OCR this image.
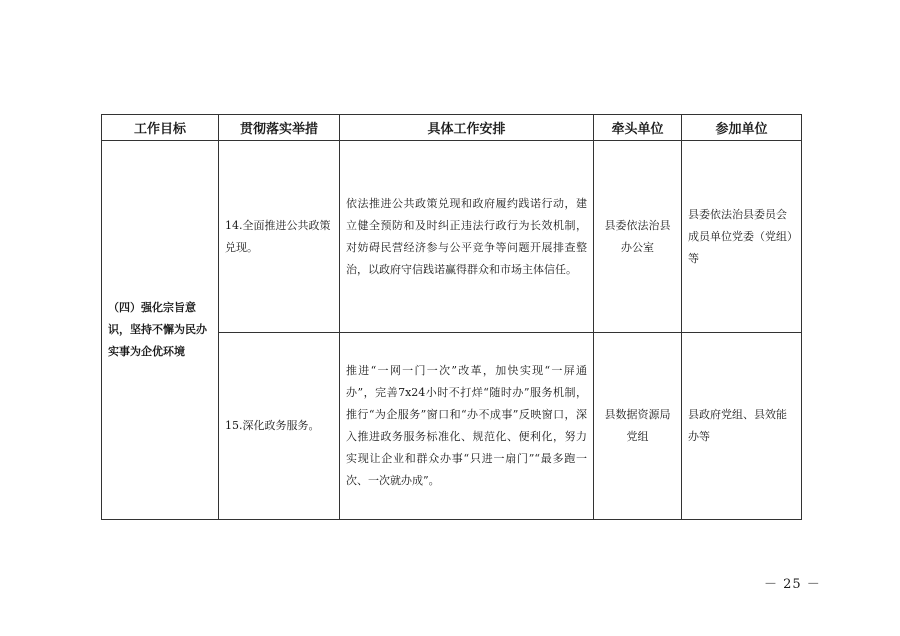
工作目标	贯彻落实举措	具体工作安排	牵头单位	参加单位
（四）强化宗旨意识，坚持不懈为民办实事为企优环境	14.全面推进公共政策兑现。	依法推进公共政策兑现和政府履约践诺行动，建立健全预防和及时纠正违法行政行为长效机制，对妨碍民营经济参与公平竞争等问题开展排查整治，以政府守信践诺赢得群众和市场主体信任。	县委依法治县办公室	县委依法治县委员会成员单位党委（党组）等
	15.深化政务服务。	推进“一网一门一次”改革，加快实现“一屏通办”，完善7x24小时不打烊“随时办”服务机制，推行“为企服务”窗口和“办不成事”反映窗口，深入推进政务服务标准化、规范化、便利化，努力实现让企业和群众办事“只进一扇门”“最多跑一次、一次就办成”。	县数据资源局党组	县政府党组、县效能办等
－ 25 －
